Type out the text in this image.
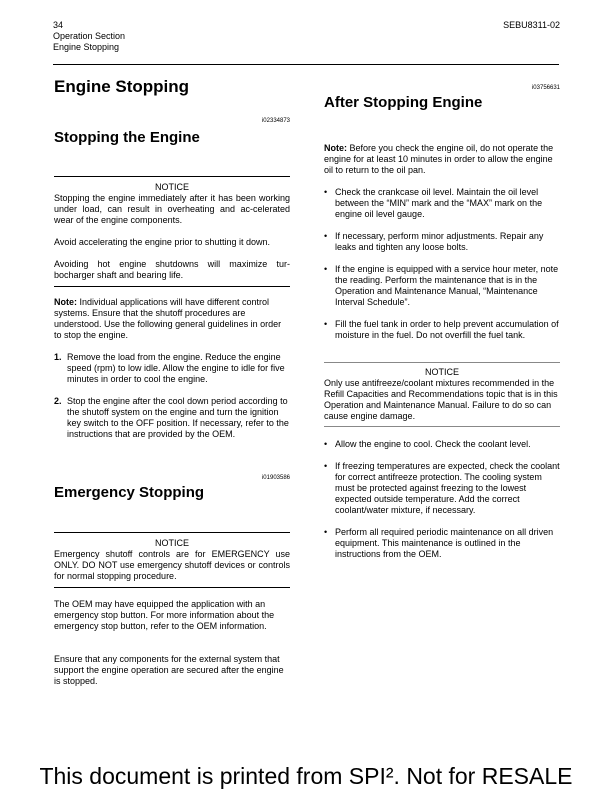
34
Operation Section
Engine Stopping
SEBU8311-02
Engine Stopping
i02334873
Stopping the Engine
NOTICE

Stopping the engine immediately after it has been working under load, can result in overheating and ac-celerated wear of the engine components.

Avoid accelerating the engine prior to shutting it down.

Avoiding hot engine shutdowns will maximize tur-bocharger shaft and bearing life.

Note: Individual applications will have different control systems. Ensure that the shutoff procedures are understood. Use the following general guidelines in order to stop the engine.

1. Remove the load from the engine. Reduce the engine speed (rpm) to low idle. Allow the engine to idle for five minutes in order to cool the engine.
2. Stop the engine after the cool down period according to the shutoff system on the engine and turn the ignition key switch to the OFF position. If necessary, refer to the instructions that are provided by the OEM.
i01903586
Emergency Stopping
NOTICE

Emergency shutoff controls are for EMERGENCY use ONLY. DO NOT use emergency shutoff devices or controls for normal stopping procedure.

The OEM may have equipped the application with an emergency stop button. For more information about the emergency stop button, refer to the OEM information.

Ensure that any components for the external system that support the engine operation are secured after the engine is stopped.

i03756631
After Stopping Engine

Note: Before you check the engine oil, do not operate the engine for at least 10 minutes in order to allow the engine oil to return to the oil pan.

• Check the crankcase oil level. Maintain the oil level between the “MIN” mark and the “MAX” mark on the engine oil level gauge.
• If necessary, perform minor adjustments. Repair any leaks and tighten any loose bolts.
• If the engine is equipped with a service hour meter, note the reading. Perform the maintenance that is in the Operation and Maintenance Manual, “Maintenance Interval Schedule”.
• Fill the fuel tank in order to help prevent accumulation of moisture in the fuel. Do not overfill the fuel tank.
NOTICE

Only use antifreeze/coolant mixtures recommended in the Refill Capacities and Recommendations topic that is in this Operation and Maintenance Manual. Failure to do so can cause engine damage.

• Allow the engine to cool. Check the coolant level.
• If freezing temperatures are expected, check the coolant for correct antifreeze protection. The cooling system must be protected against freezing to the lowest expected outside temperature. Add the correct coolant/water mixture, if necessary.
• Perform all required periodic maintenance on all driven equipment. This maintenance is outlined in the instructions from the OEM.
This document is printed from SPI². Not for RESALE
